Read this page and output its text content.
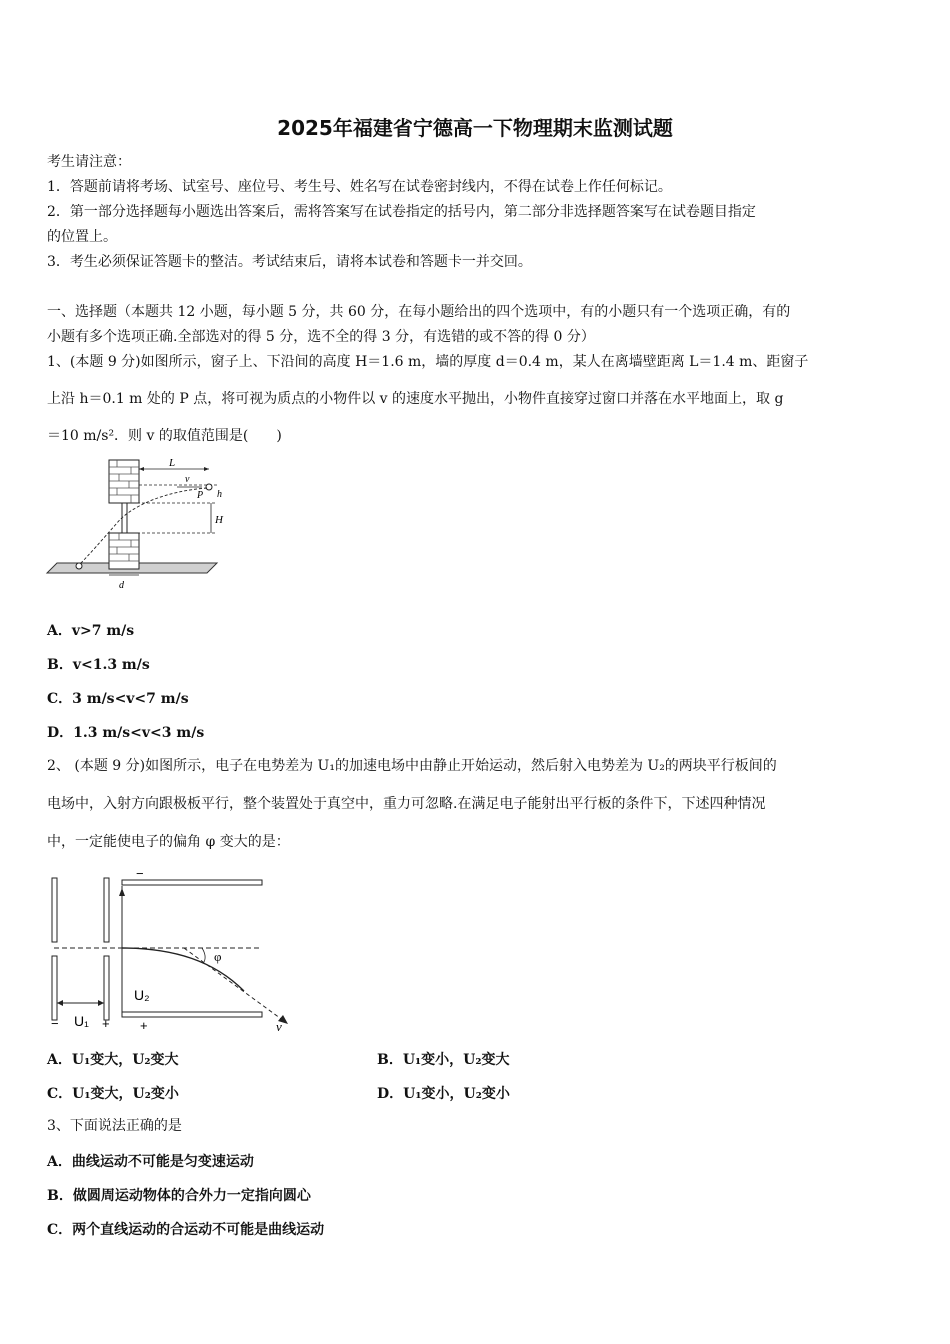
2025年福建省宁德高一下物理期末监测试题
考生请注意：
1．答题前请将考场、试室号、座位号、考生号、姓名写在试卷密封线内，不得在试卷上作任何标记。
2．第一部分选择题每小题选出答案后，需将答案写在试卷指定的括号内，第二部分非选择题答案写在试卷题目指定
的位置上。
3．考生必须保证答题卡的整洁。考试结束后，请将本试卷和答题卡一并交回。
一、选择题（本题共 12 小题，每小题 5 分，共 60 分，在每小题给出的四个选项中，有的小题只有一个选项正确，有的
小题有多个选项正确.全部选对的得 5 分，选不全的得 3 分，有选错的或不答的得 0 分）
1、(本题 9 分)如图所示，窗子上、下沿间的高度 H＝1.6 m，墙的厚度 d＝0.4 m，某人在离墙壁距离 L＝1.4 m、距窗子
上沿 h＝0.1 m 处的 P 点，将可视为质点的小物件以 v 的速度水平抛出，小物件直接穿过窗口并落在水平地面上，取 g
＝10 m/s²．则 v 的取值范围是(　　)
L
P
v
h
H
d
A．v>7 m/s
B．v<1.3 m/s
C．3 m/s<v<7 m/s
D．1.3 m/s<v<3 m/s
2、 (本题 9 分)如图所示，电子在电势差为 U₁的加速电场中由静止开始运动，然后射入电势差为 U₂的两块平行板间的
电场中，入射方向跟极板平行，整个装置处于真空中，重力可忽略.在满足电子能射出平行板的条件下，下述四种情况
中，一定能使电子的偏角 φ 变大的是：
−
+
U₂
U₁
−	+	v
φ
A．U₁变大，U₂变大	B．U₁变小，U₂变大
C．U₁变大，U₂变小	D．U₁变小，U₂变小
3、下面说法正确的是
A．曲线运动不可能是匀变速运动
B．做圆周运动物体的合外力一定指向圆心
C．两个直线运动的合运动不可能是曲线运动
